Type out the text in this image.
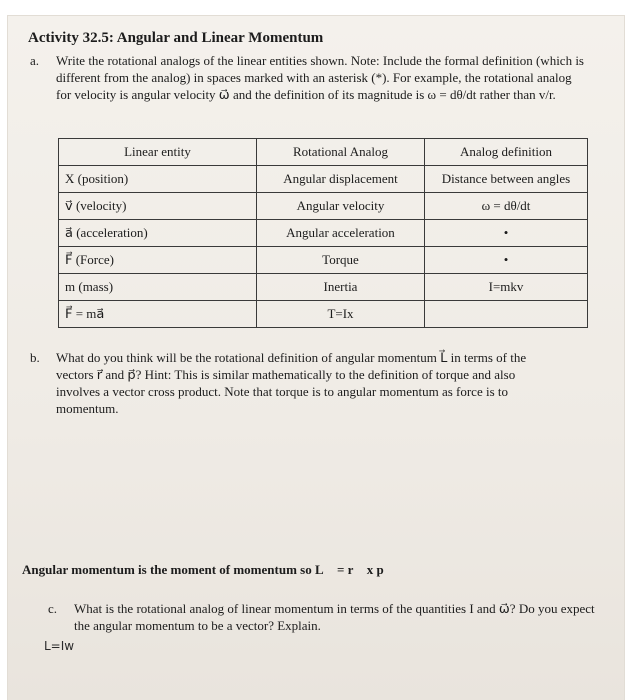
Activity 32.5: Angular and Linear Momentum
a. Write the rotational analogs of the linear entities shown. Note: Include the formal definition (which is different from the analog) in spaces marked with an asterisk (*). For example, the rotational analog for velocity is angular velocity ω⃗ and the definition of its magnitude is ω = dθ/dt rather than v/r.
Linear entity	Rotational Analog	Analog definition
X (position)	Angular displacement	Distance between angles
v⃗ (velocity)	Angular velocity	ω = dθ/dt
a⃗ (acceleration)	Angular acceleration	•
F⃗ (Force)	Torque	•
m (mass)	Inertia	I=mkv
F⃗ = ma⃗	T=Ix	
b. What do you think will be the rotational definition of angular momentum L⃗ in terms of the vectors r⃗ and p⃗? Hint: This is similar mathematically to the definition of torque and also involves a vector cross product. Note that torque is to angular momentum as force is to momentum.
Angular momentum is the moment of momentum so L⃗ = r⃗ x p⃗
c. What is the rotational analog of linear momentum in terms of the quantities I and ω⃗? Do you expect the angular momentum to be a vector? Explain.
L=Iw
